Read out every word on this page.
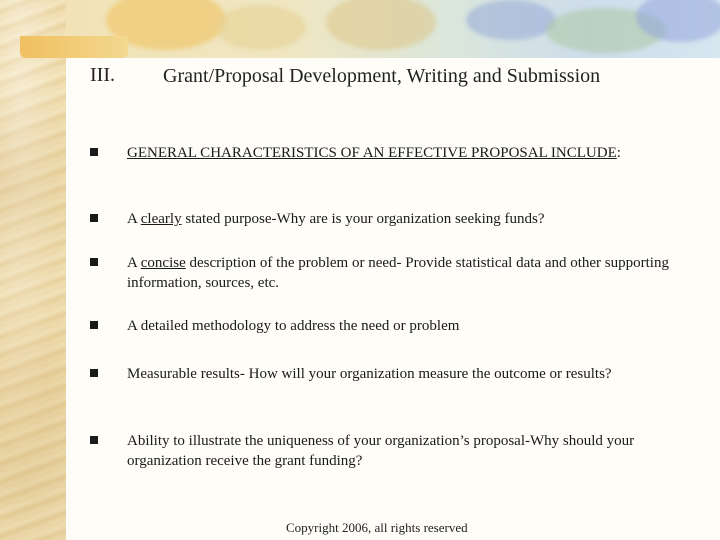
III. Grant/Proposal Development, Writing and Submission
GENERAL CHARACTERISTICS OF AN EFFECTIVE PROPOSAL INCLUDE:
A clearly stated purpose-Why are is your organization seeking funds?
A concise description of the problem or need- Provide statistical data and other supporting information, sources, etc.
A detailed methodology to address the need or problem
Measurable results- How will your organization measure the outcome or results?
Ability to illustrate the uniqueness of your organization’s proposal-Why should your organization receive the grant funding?
Copyright 2006, all rights reserved
